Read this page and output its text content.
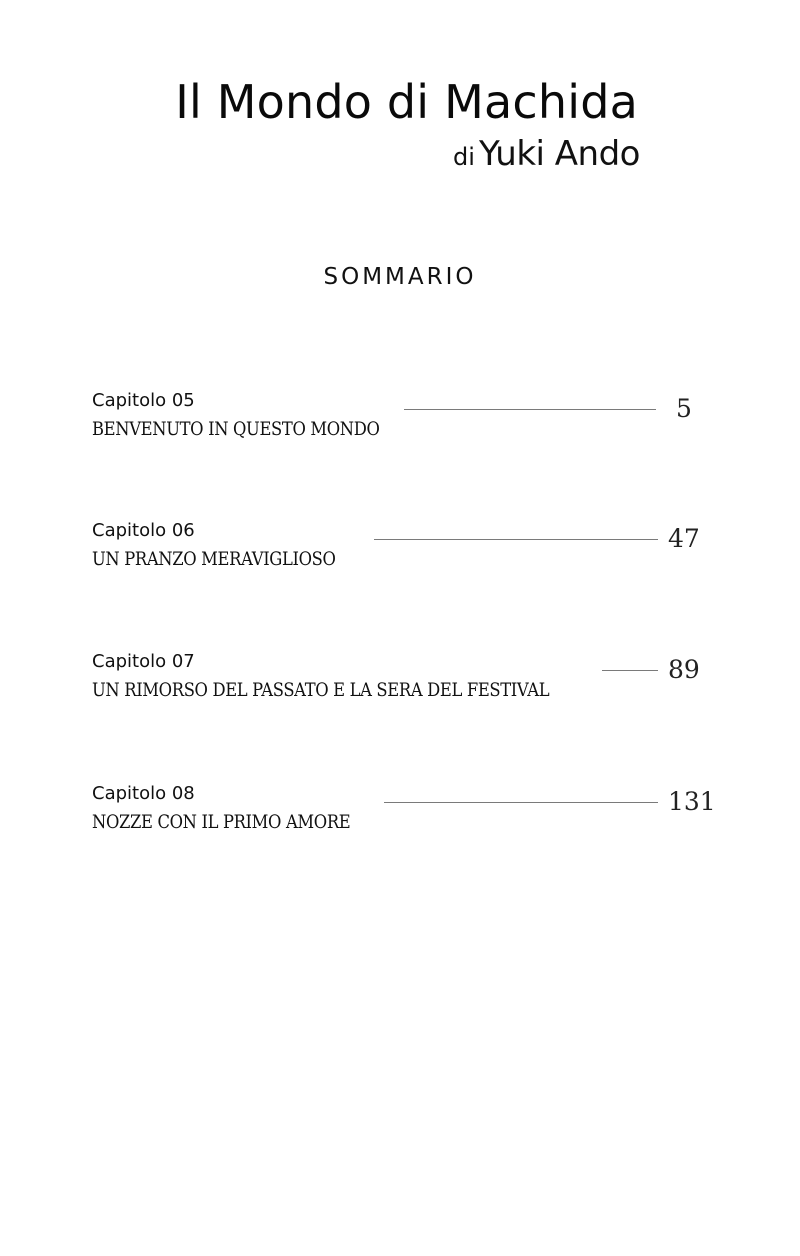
Il Mondo di Machida
di Yuki Ando
SOMMARIO
Capitolo 05
BENVENUTO IN QUESTO MONDO
5
Capitolo 06
UN PRANZO MERAVIGLIOSO
47
Capitolo 07
UN RIMORSO DEL PASSATO E LA SERA DEL FESTIVAL
89
Capitolo 08
NOZZE CON IL PRIMO AMORE
131
